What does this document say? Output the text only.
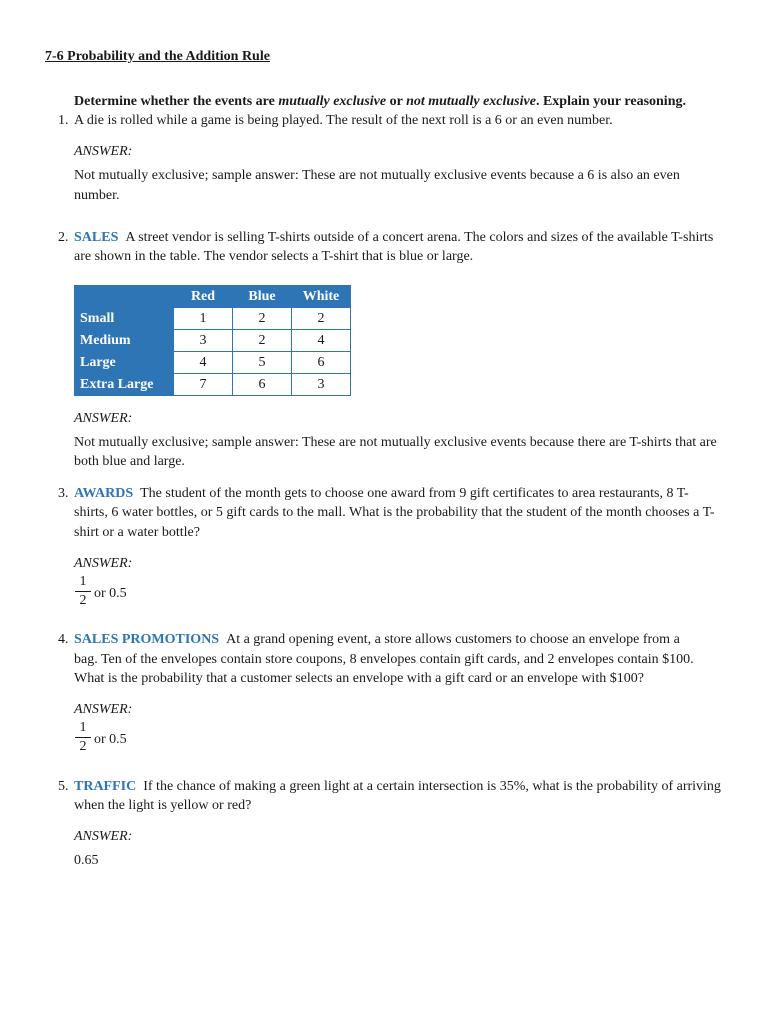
7-6 Probability and the Addition Rule
Determine whether the events are mutually exclusive or not mutually exclusive. Explain your reasoning.
1. A die is rolled while a game is being played. The result of the next roll is a 6 or an even number.
ANSWER:
Not mutually exclusive; sample answer: These are not mutually exclusive events because a 6 is also an even
number.
2. SALES A street vendor is selling T-shirts outside of a concert arena. The colors and sizes of the available T-shirts
are shown in the table. The vendor selects a T-shirt that is blue or large.
	Red	Blue	White
Small	1	2	2
Medium	3	2	4
Large	4	5	6
Extra Large	7	6	3
ANSWER:
Not mutually exclusive; sample answer: These are not mutually exclusive events because there are T-shirts that are
both blue and large.
3. AWARDS The student of the month gets to choose one award from 9 gift certificates to area restaurants, 8 T-
shirts, 6 water bottles, or 5 gift cards to the mall. What is the probability that the student of the month chooses a T-
shirt or a water bottle?
ANSWER:
1
2 or 0.5
4. SALES PROMOTIONS At a grand opening event, a store allows customers to choose an envelope from a
bag. Ten of the envelopes contain store coupons, 8 envelopes contain gift cards, and 2 envelopes contain $100.
What is the probability that a customer selects an envelope with a gift card or an envelope with $100?
ANSWER:
1
2 or 0.5
5. TRAFFIC If the chance of making a green light at a certain intersection is 35%, what is the probability of arriving
when the light is yellow or red?
ANSWER:
0.65
